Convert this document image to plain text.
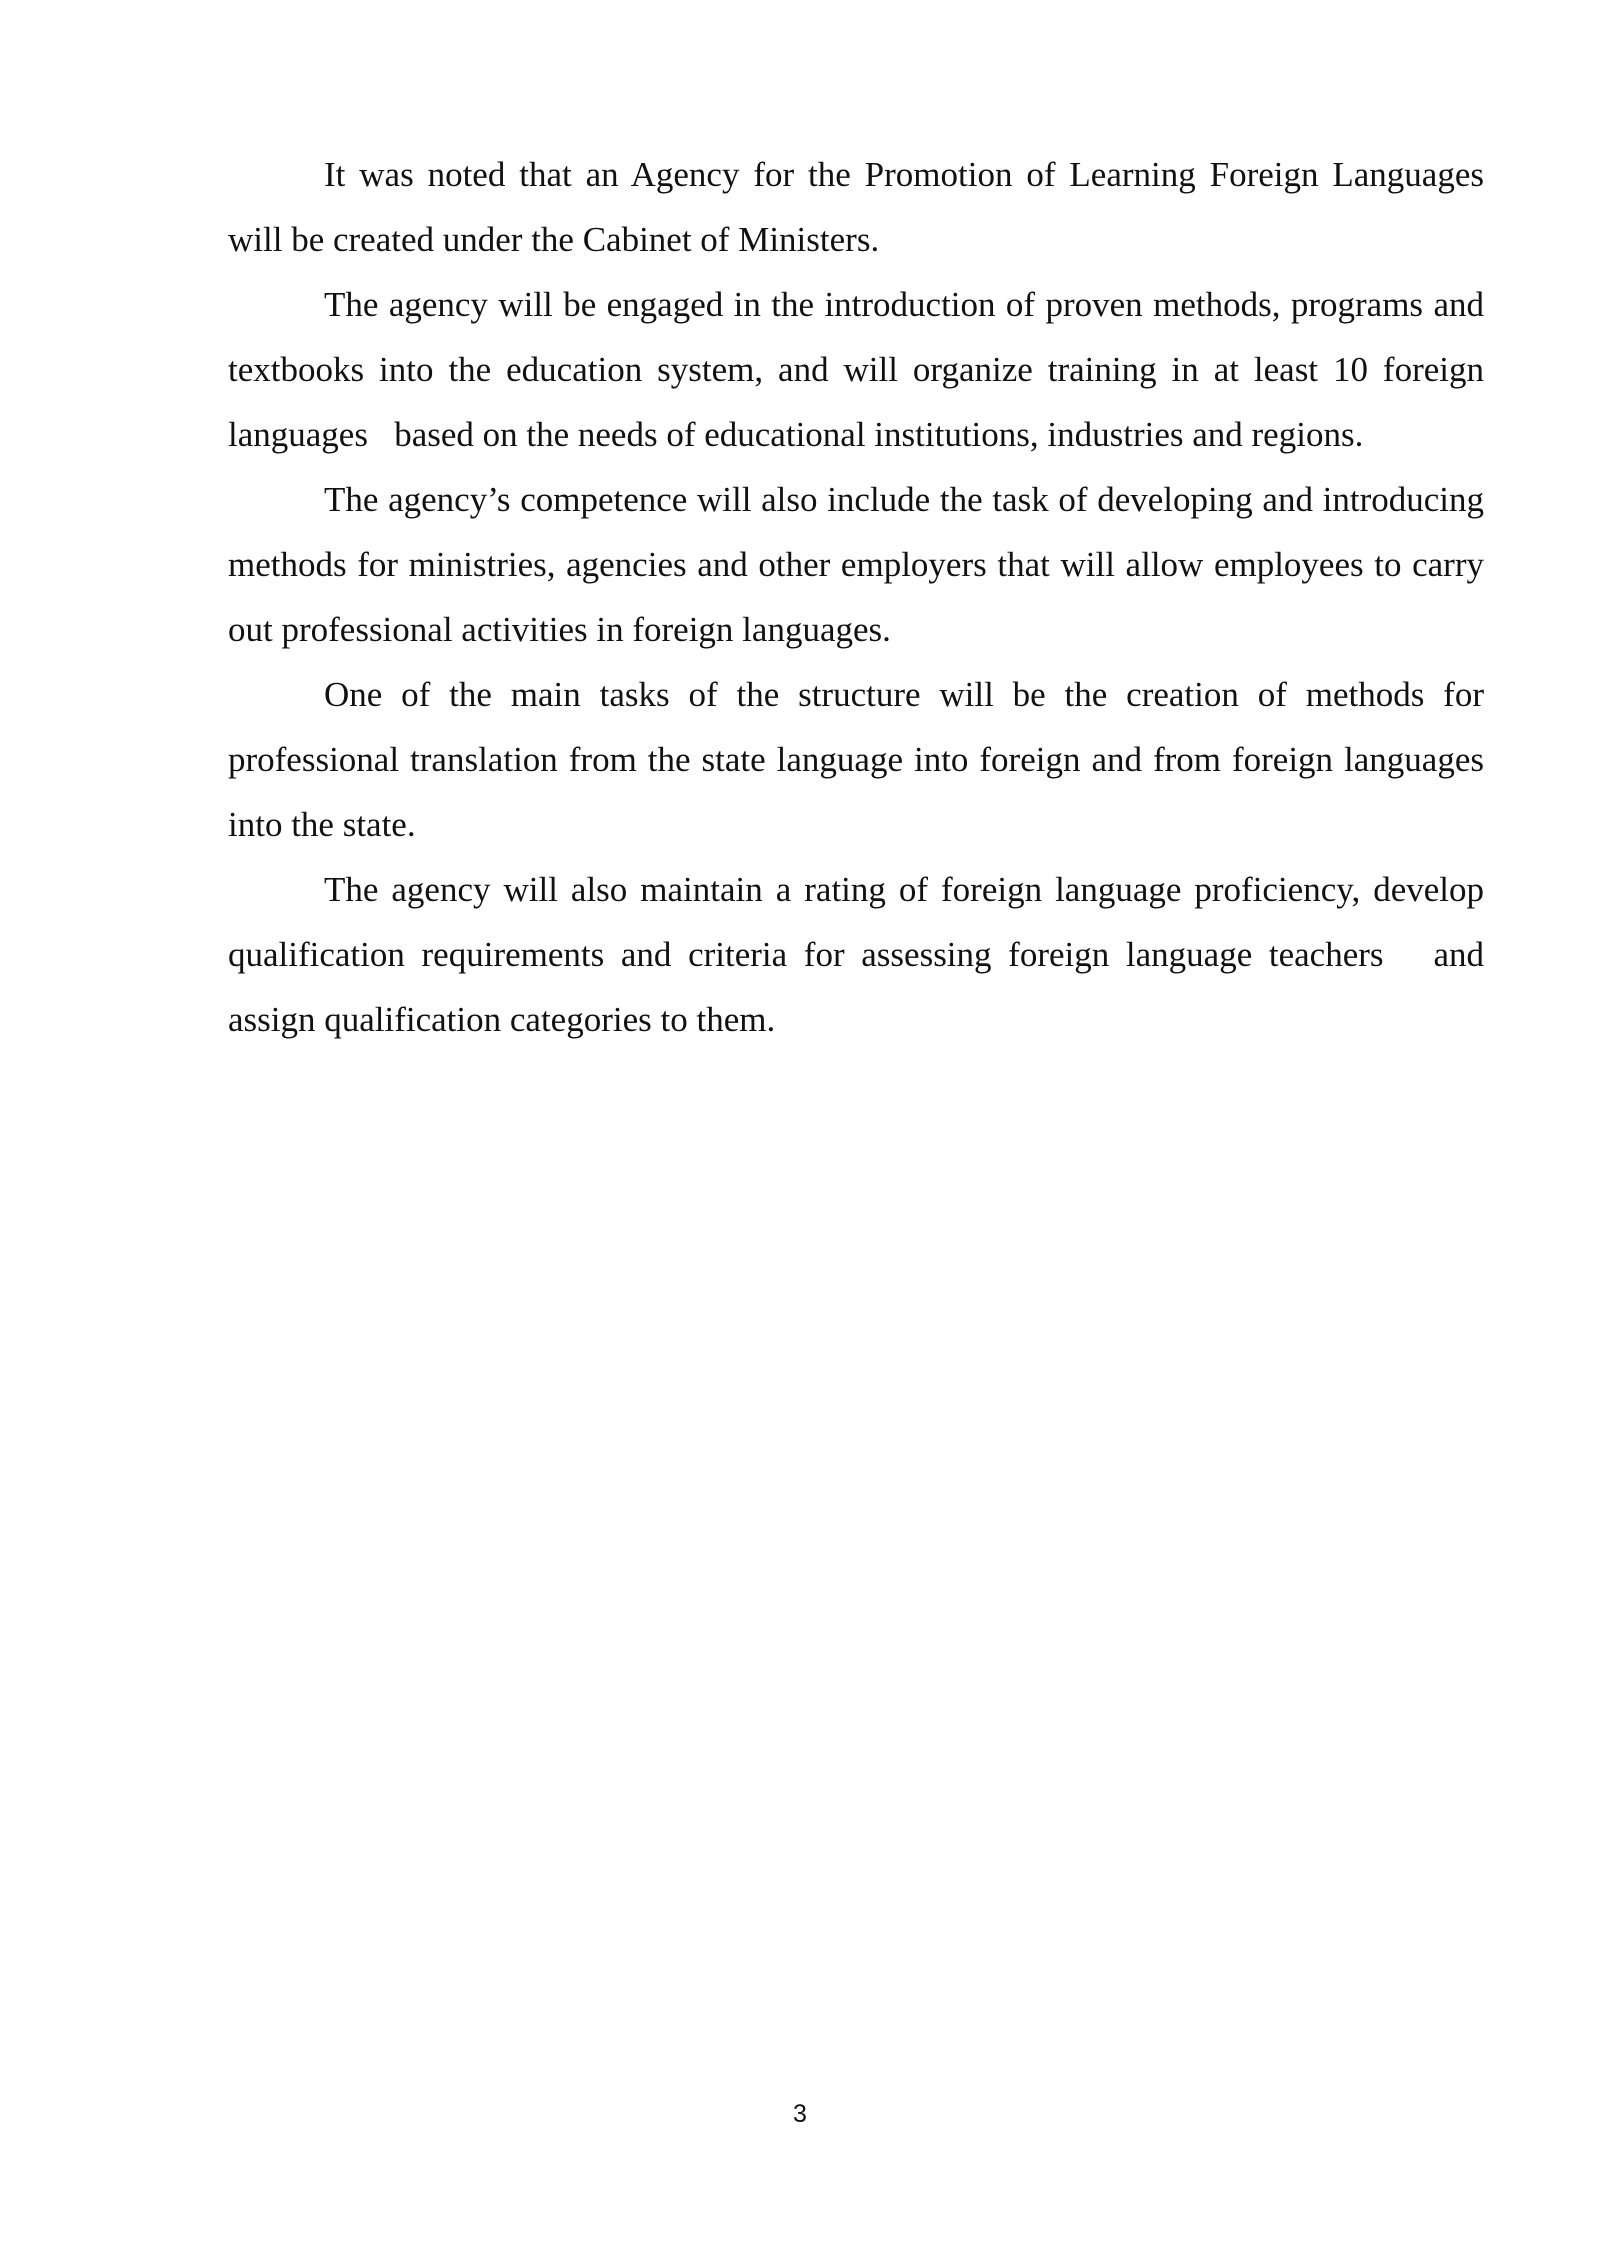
It was noted that an Agency for the Promotion of Learning Foreign Languages will be created under the Cabinet of Ministers.

The agency will be engaged in the introduction of proven methods, programs and textbooks into the education system, and will organize training in at least 10 foreign languages   based on the needs of educational institutions, industries and regions.

The agency’s competence will also include the task of developing and introducing methods for ministries, agencies and other employers that will allow employees to carry out professional activities in foreign languages.

One of the main tasks of the structure will be the creation of methods for professional translation from the state language into foreign and from foreign languages   into the state.

The agency will also maintain a rating of foreign language proficiency, develop qualification requirements and criteria for assessing foreign language teachers   and assign qualification categories to them.

3
